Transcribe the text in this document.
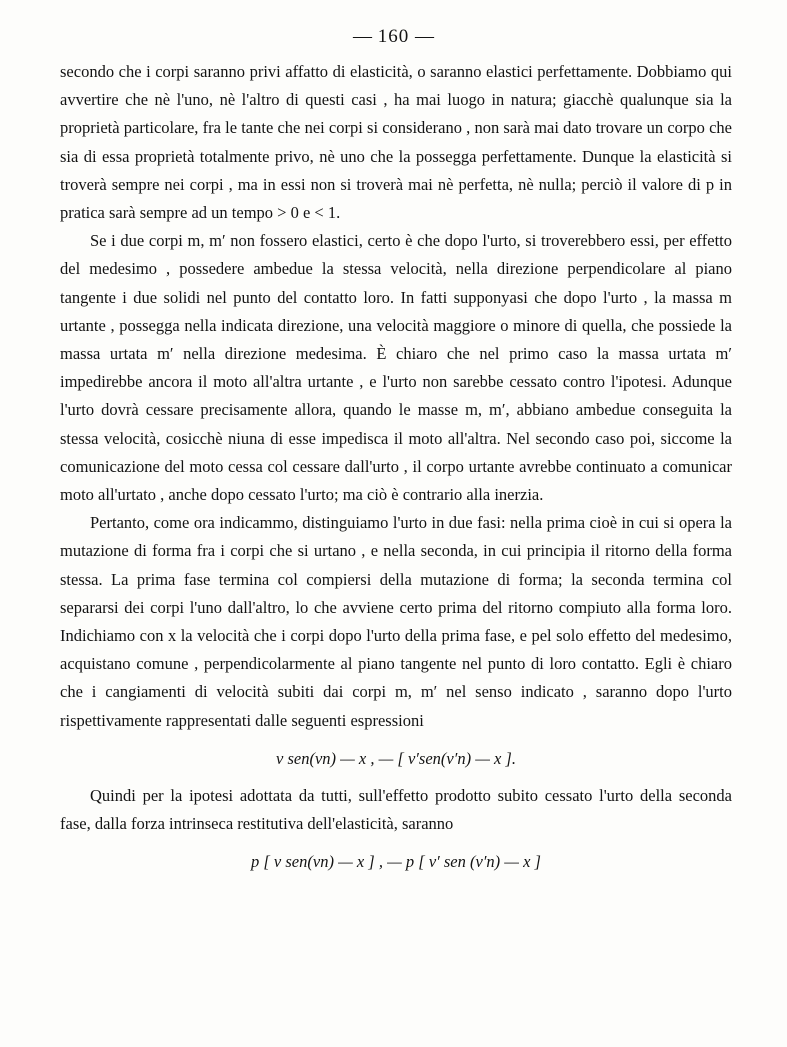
— 160 —

secondo che i corpi saranno privi affatto di elasticità, o saranno elastici perfettamente. Dobbiamo qui avvertire che nè l'uno, nè l'altro di questi casi , ha mai luogo in natura; giacchè qualunque sia la proprietà particolare, fra le tante che nei corpi si considerano , non sarà mai dato trovare un corpo che sia di essa proprietà totalmente privo, nè uno che la possegga perfettamente. Dunque la elasticità si troverà sempre nei corpi , ma in essi non si troverà mai nè perfetta, nè nulla; perciò il valore di p in pratica sarà sempre ad un tempo > 0 e < 1.

Se i due corpi m, m′ non fossero elastici, certo è che dopo l'urto, si troverebbero essi, per effetto del medesimo , possedere ambedue la stessa velocità, nella direzione perpendicolare al piano tangente i due solidi nel punto del contatto loro. In fatti supponyasi che dopo l'urto , la massa m urtante , possegga nella indicata direzione, una velocità maggiore o minore di quella, che possiede la massa urtata m′ nella direzione medesima. È chiaro che nel primo caso la massa urtata m′ impedirebbe ancora il moto all'altra urtante , e l'urto non sarebbe cessato contro l'ipotesi. Adunque l'urto dovrà cessare precisamente allora, quando le masse m, m′, abbiano ambedue conseguita la stessa velocità, cosicchè niuna di esse impedisca il moto all'altra. Nel secondo caso poi, siccome la comunicazione del moto cessa col cessare dall'urto , il corpo urtante avrebbe continuato a comunicar moto all'urtato , anche dopo cessato l'urto; ma ciò è contrario alla inerzia.

Pertanto, come ora indicammo, distinguiamo l'urto in due fasi: nella prima cioè in cui si opera la mutazione di forma fra i corpi che si urtano , e nella seconda, in cui principia il ritorno della forma stessa. La prima fase termina col compiersi della mutazione di forma; la seconda termina col separarsi dei corpi l'uno dall'altro, lo che avviene certo prima del ritorno compiuto alla forma loro. Indichiamo con x la velocità che i corpi dopo l'urto della prima fase, e pel solo effetto del medesimo, acquistano comune , perpendicolarmente al piano tangente nel punto di loro contatto. Egli è chiaro che i cangiamenti di velocità subiti dai corpi m, m′ nel senso indicato , saranno dopo l'urto rispettivamente rappresentati dalle seguenti espressioni

v sen(vn) — x , — [ v′sen(v′n) — x ].

Quindi per la ipotesi adottata da tutti, sull'effetto prodotto subito cessato l'urto della seconda fase, dalla forza intrinseca restitutiva dell'elasticità, saranno

p [ v sen(vn) — x ] , — p [ v′ sen (v′n) — x ]
